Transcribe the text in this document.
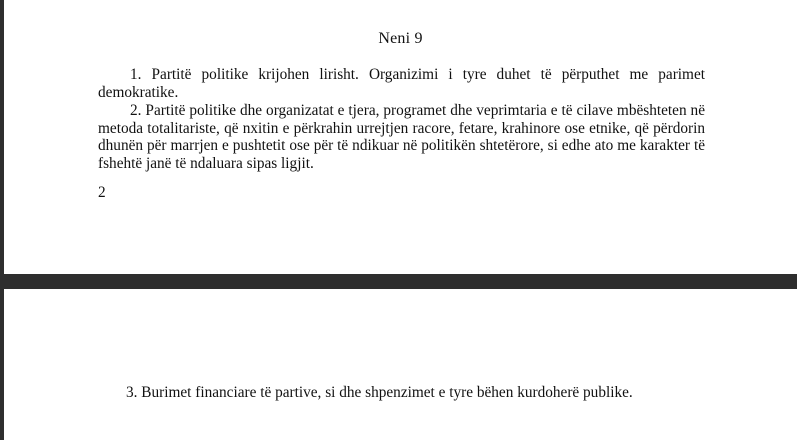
Neni 9

1. Partitë politike krijohen lirisht. Organizimi i tyre duhet të përputhet me parimet demokratike.

2. Partitë politike dhe organizatat e tjera, programet dhe veprimtaria e të cilave mbështeten në metoda totalitariste, që nxitin e përkrahin urrejtjen racore, fetare, krahinore ose etnike, që përdorin dhunën për marrjen e pushtetit ose për të ndikuar në politikën shtetërore, si edhe ato me karakter të fshehtë janë të ndaluara sipas ligjit.

2

3. Burimet financiare të partive, si dhe shpenzimet e tyre bëhen kurdoherë publike.
